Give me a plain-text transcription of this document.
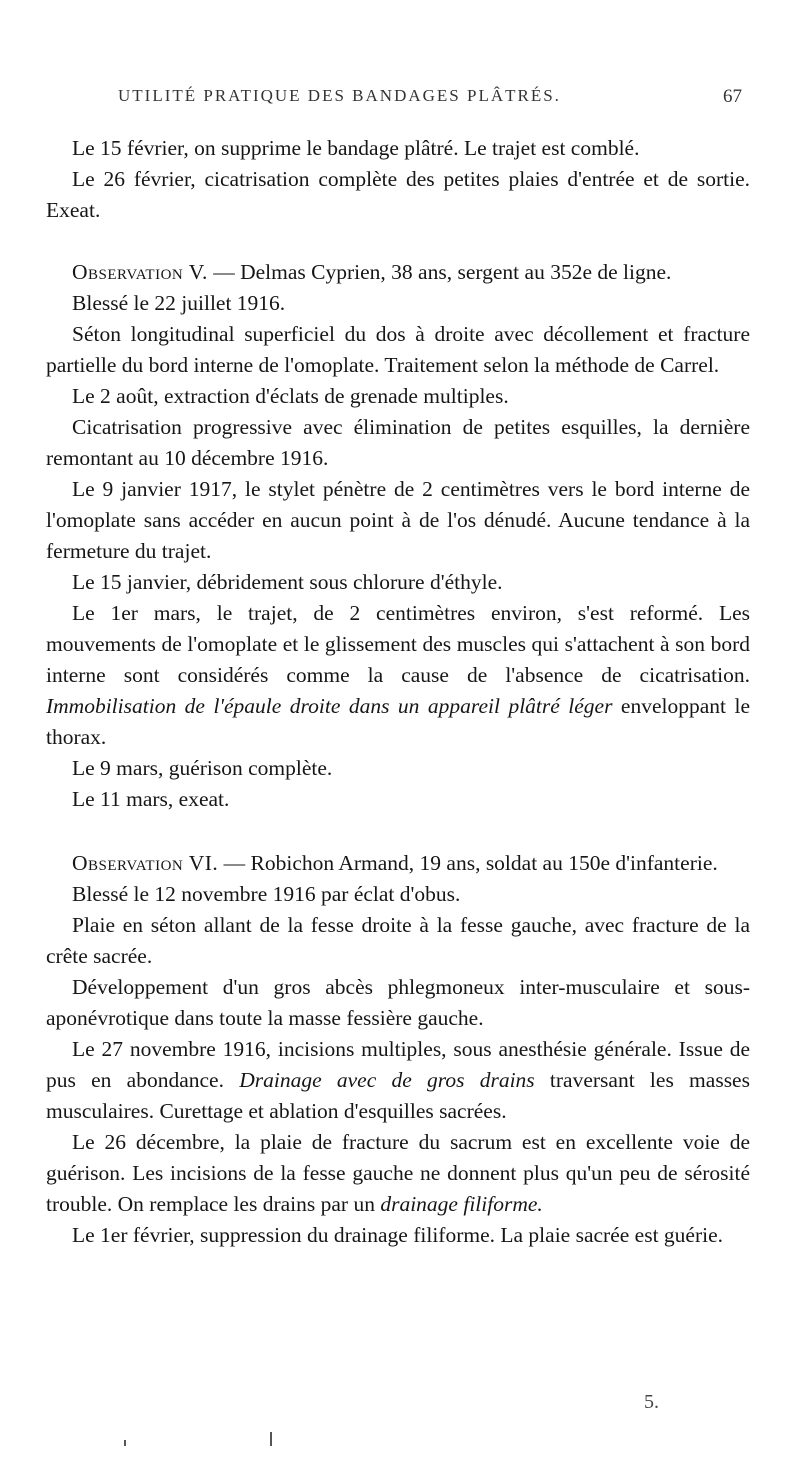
UTILITÉ PRATIQUE DES BANDAGES PLÂTRÉS.	67

Le 15 février, on supprime le bandage plâtré. Le trajet est comblé.

Le 26 février, cicatrisation complète des petites plaies d'entrée et de sortie. Exeat.

Observation V. — Delmas Cyprien, 38 ans, sergent au 352e de ligne.

Blessé le 22 juillet 1916.

Séton longitudinal superficiel du dos à droite avec décollement et fracture partielle du bord interne de l'omoplate. Traitement selon la méthode de Carrel.

Le 2 août, extraction d'éclats de grenade multiples.

Cicatrisation progressive avec élimination de petites esquilles, la dernière remontant au 10 décembre 1916.

Le 9 janvier 1917, le stylet pénètre de 2 centimètres vers le bord interne de l'omoplate sans accéder en aucun point à de l'os dénudé. Aucune tendance à la fermeture du trajet.

Le 15 janvier, débridement sous chlorure d'éthyle.

Le 1er mars, le trajet, de 2 centimètres environ, s'est reformé. Les mouvements de l'omoplate et le glissement des muscles qui s'attachent à son bord interne sont considérés comme la cause de l'absence de cicatrisation. Immobilisation de l'épaule droite dans un appareil plâtré léger enveloppant le thorax.

Le 9 mars, guérison complète.

Le 11 mars, exeat.

Observation VI. — Robichon Armand, 19 ans, soldat au 150e d'infanterie.

Blessé le 12 novembre 1916 par éclat d'obus.

Plaie en séton allant de la fesse droite à la fesse gauche, avec fracture de la crête sacrée.

Développement d'un gros abcès phlegmoneux inter-musculaire et sous-aponévrotique dans toute la masse fessière gauche.

Le 27 novembre 1916, incisions multiples, sous anesthésie générale. Issue de pus en abondance. Drainage avec de gros drains traversant les masses musculaires. Curettage et ablation d'esquilles sacrées.

Le 26 décembre, la plaie de fracture du sacrum est en excellente voie de guérison. Les incisions de la fesse gauche ne donnent plus qu'un peu de sérosité trouble. On remplace les drains par un drainage filiforme.

Le 1er février, suppression du drainage filiforme. La plaie sacrée est guérie.

5.
